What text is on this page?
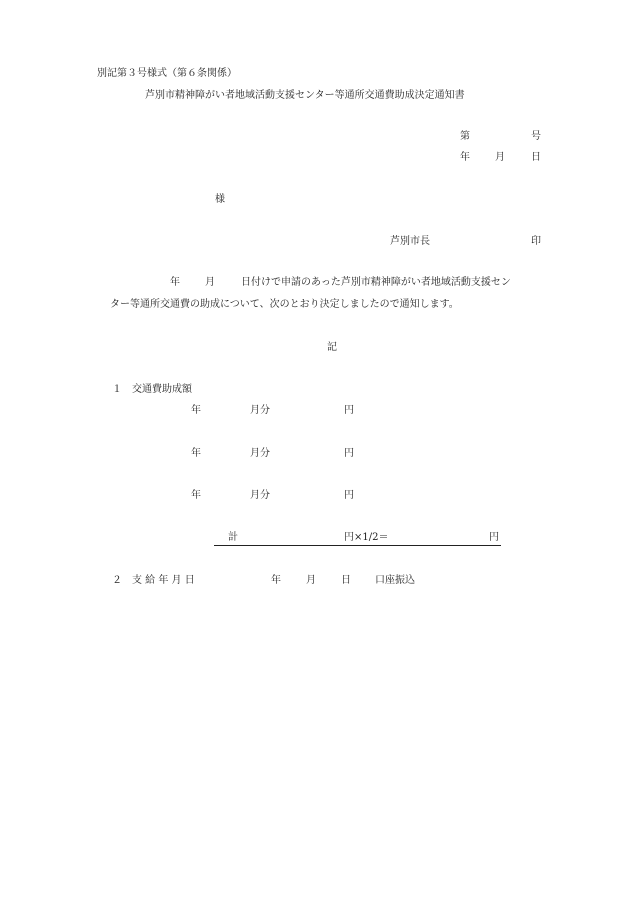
別記第３号様式（第６条関係）
芦別市精神障がい者地域活動支援センター等通所交通費助成決定通知書
第	号
年	月	日
様
芦別市長	印
年	月	日付けで申請のあった芦別市精神障がい者地域活動支援セン
ター等通所交通費の助成について、次のとおり決定しましたので通知します。
記
１　交通費助成額
年	月分	円
年	月分	円
年	月分	円
計	円×1/2＝	円
２　支 給 年 月 日	年	月	日 口座振込
